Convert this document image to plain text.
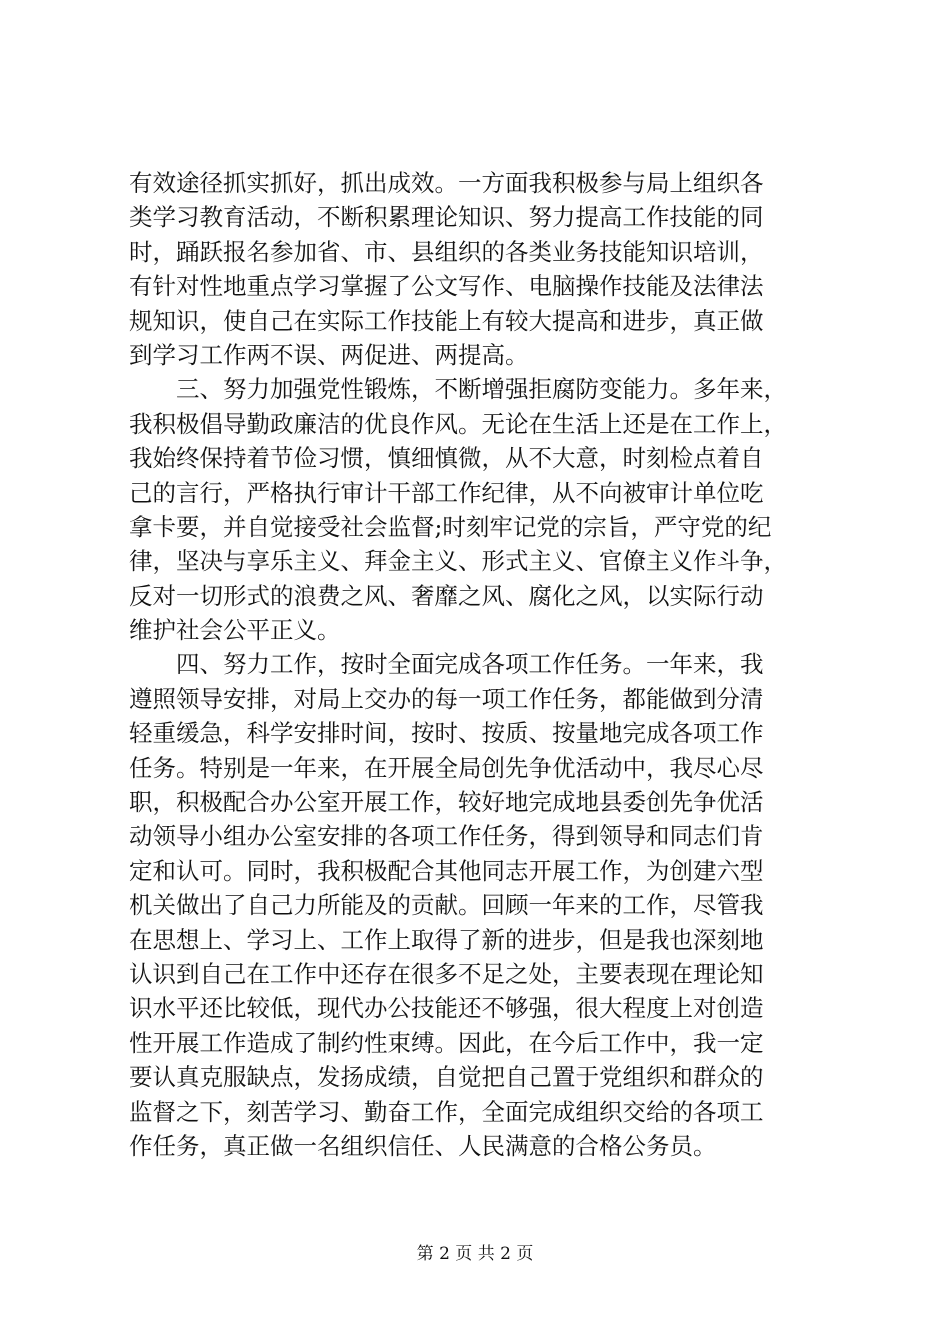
有效途径抓实抓好，抓出成效。一方面我积极参与局上组织各
类学习教育活动，不断积累理论知识、努力提高工作技能的同
时，踊跃报名参加省、市、县组织的各类业务技能知识培训，
有针对性地重点学习掌握了公文写作、电脑操作技能及法律法
规知识，使自己在实际工作技能上有较大提高和进步，真正做
到学习工作两不误、两促进、两提高。

　　三、努力加强党性锻炼，不断增强拒腐防变能力。多年来，
我积极倡导勤政廉洁的优良作风。无论在生活上还是在工作上，
我始终保持着节俭习惯，慎细慎微，从不大意，时刻检点着自
己的言行，严格执行审计干部工作纪律，从不向被审计单位吃
拿卡要，并自觉接受社会监督;时刻牢记党的宗旨，严守党的纪
律，坚决与享乐主义、拜金主义、形式主义、官僚主义作斗争，
反对一切形式的浪费之风、奢靡之风、腐化之风，以实际行动
维护社会公平正义。

　　四、努力工作，按时全面完成各项工作任务。一年来，我
遵照领导安排，对局上交办的每一项工作任务，都能做到分清
轻重缓急，科学安排时间，按时、按质、按量地完成各项工作
任务。特别是一年来，在开展全局创先争优活动中，我尽心尽
职，积极配合办公室开展工作，较好地完成地县委创先争优活
动领导小组办公室安排的各项工作任务，得到领导和同志们肯
定和认可。同时，我积极配合其他同志开展工作，为创建六型
机关做出了自己力所能及的贡献。回顾一年来的工作，尽管我
在思想上、学习上、工作上取得了新的进步，但是我也深刻地
认识到自己在工作中还存在很多不足之处，主要表现在理论知
识水平还比较低，现代办公技能还不够强，很大程度上对创造
性开展工作造成了制约性束缚。因此，在今后工作中，我一定
要认真克服缺点，发扬成绩，自觉把自己置于党组织和群众的
监督之下，刻苦学习、勤奋工作，全面完成组织交给的各项工
作任务，真正做一名组织信任、人民满意的合格公务员。

第 2 页 共 2 页
